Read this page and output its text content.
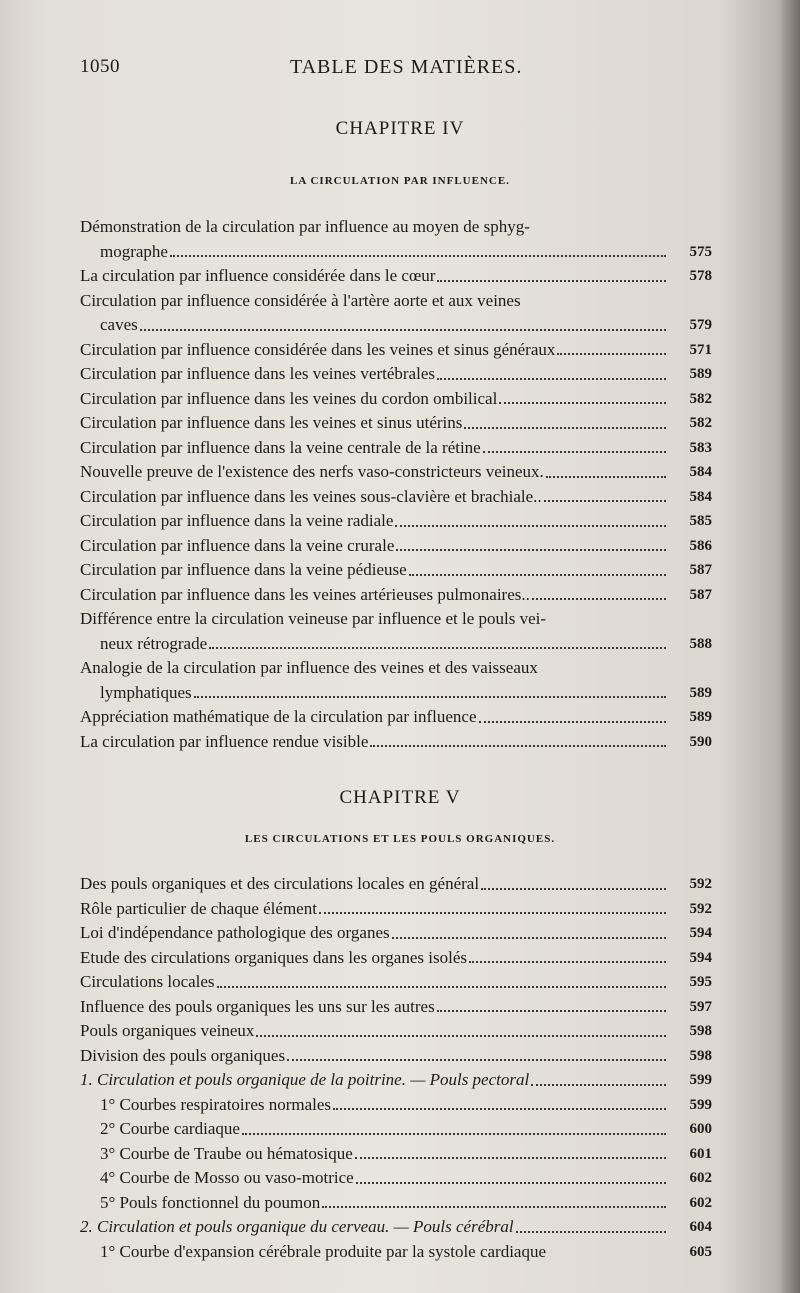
1050	TABLE DES MATIÈRES.
CHAPITRE IV
LA CIRCULATION PAR INFLUENCE.
Démonstration de la circulation par influence au moyen de sphyg-
mographe	575
La circulation par influence considérée dans le cœur	578
Circulation par influence considérée à l'artère aorte et aux veines
caves	579
Circulation par influence considérée dans les veines et sinus généraux	571
Circulation par influence dans les veines vertébrales	589
Circulation par influence dans les veines du cordon ombilical	582
Circulation par influence dans les veines et sinus utérins	582
Circulation par influence dans la veine centrale de la rétine	583
Nouvelle preuve de l'existence des nerfs vaso-constricteurs veineux.	584
Circulation par influence dans les veines sous-clavière et brachiale..	584
Circulation par influence dans la veine radiale	585
Circulation par influence dans la veine crurale	586
Circulation par influence dans la veine pédieuse	587
Circulation par influence dans les veines artérieuses pulmonaires..	587
Différence entre la circulation veineuse par influence et le pouls vei-
neux rétrograde	588
Analogie de la circulation par influence des veines et des vaisseaux
lymphatiques	589
Appréciation mathématique de la circulation par influence	589
La circulation par influence rendue visible	590
CHAPITRE V
LES CIRCULATIONS ET LES POULS ORGANIQUES.
Des pouls organiques et des circulations locales en général	592
Rôle particulier de chaque élément	592
Loi d'indépendance pathologique des organes	594
Etude des circulations organiques dans les organes isolés	594
Circulations locales	595
Influence des pouls organiques les uns sur les autres	597
Pouls organiques veineux	598
Division des pouls organiques	598
1. Circulation et pouls organique de la poitrine. — Pouls pectoral	599
1° Courbes respiratoires normales	599
2° Courbe cardiaque	600
3° Courbe de Traube ou hématosique	601
4° Courbe de Mosso ou vaso-motrice	602
5° Pouls fonctionnel du poumon	602
2. Circulation et pouls organique du cerveau. — Pouls cérébral	604
1° Courbe d'expansion cérébrale produite par la systole cardiaque	605
